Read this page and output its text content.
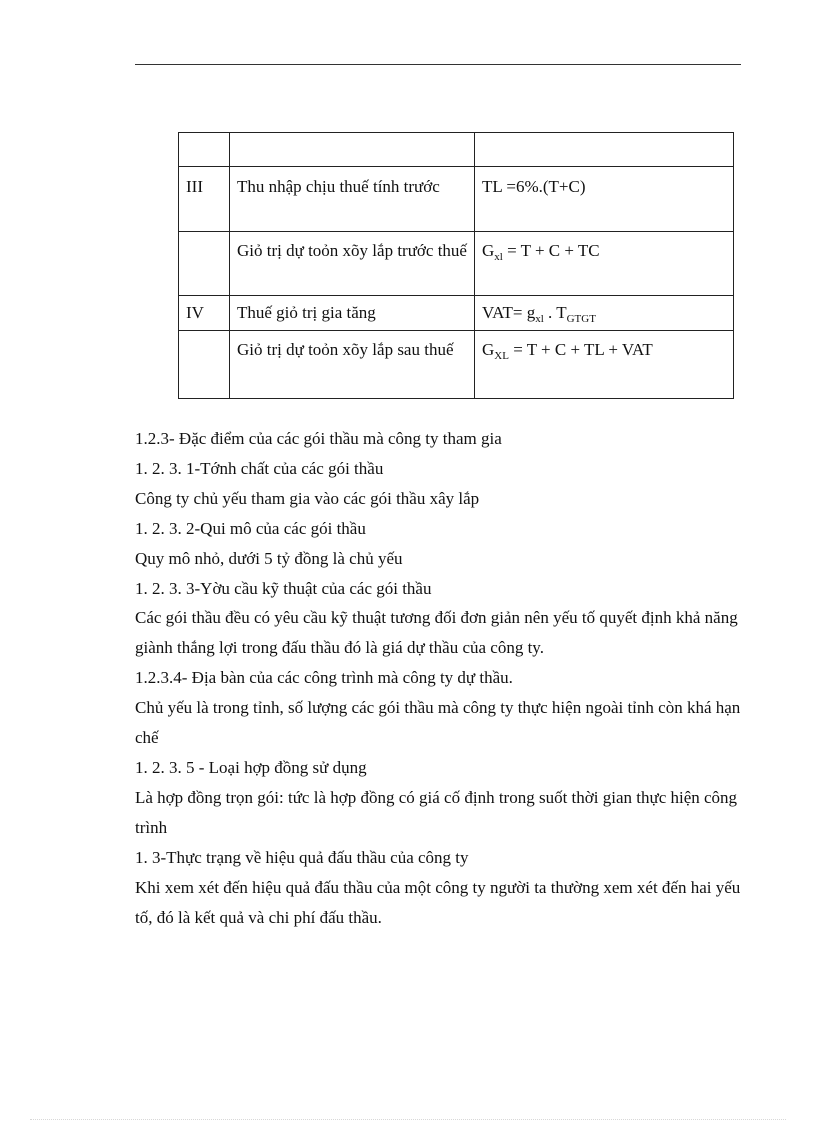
III	Thu nhập chịu thuế tính trước	TL =6%.(T+C)
	Giỏ trị dự toỏn xõy lắp trước thuế	$G_{xl} = T + C$ + TC
IV	Thuế giỏ trị gia tăng	$VAT= g_{xl}$ . $T_{GTGT}$
	Giỏ trị dự toỏn xõy lắp sau thuế	$G_{XL} = T + C$ + TL + VAT

1.2.3- Đặc điểm của các gói thầu mà công ty tham gia

1. 2. 3. 1-Tớnh chất của các gói thầu

Công ty chủ yếu tham gia vào các gói thầu xây lắp

1. 2. 3. 2-Qui mô của các gói thầu

Quy mô nhỏ, dưới 5 tỷ đồng là chủ yếu

1. 2. 3. 3-Yờu cầu kỹ thuật của các gói thầu

Các gói thầu đều có yêu cầu kỹ thuật tương đối đơn giản nên yếu tố quyết định khả năng giành thắng lợi trong đấu thầu đó là giá dự thầu của công ty.

1.2.3.4- Địa bàn của các công trình mà công ty dự thầu.

Chủ yếu là trong tỉnh, số lượng các gói thầu mà công ty thực hiện ngoài tỉnh còn khá hạn chế

1. 2. 3. 5 - Loại hợp đồng sử dụng

Là hợp đồng trọn gói: tức là hợp đồng có giá cố định trong suốt thời gian thực hiện công trình

1. 3-Thực trạng về hiệu quả đấu thầu của công ty

Khi xem xét đến hiệu quả đấu thầu của một công ty người ta thường xem xét đến hai yếu tố, đó là kết quả và chi phí đấu thầu.
